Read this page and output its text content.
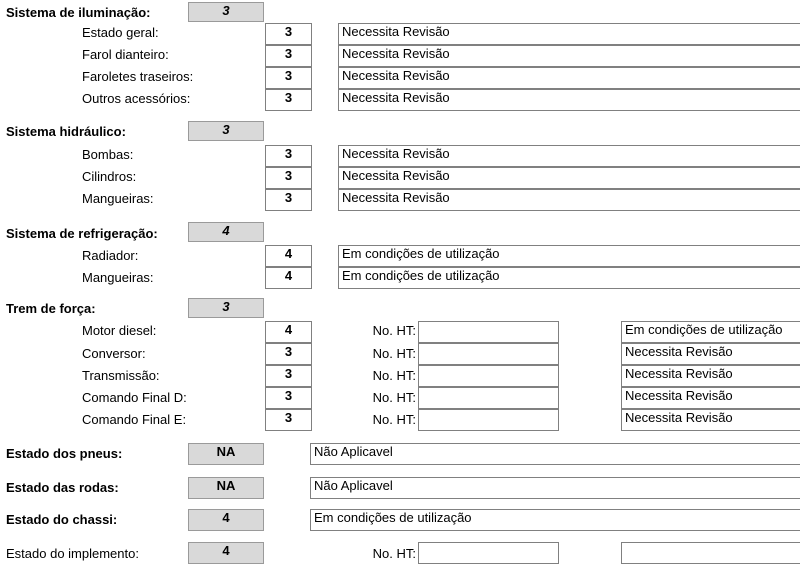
Sistema de iluminação:	3
Estado geral:	3	Necessita Revisão
Farol dianteiro:	3	Necessita Revisão
Faroletes traseiros:	3	Necessita Revisão
Outros acessórios:	3	Necessita Revisão
Sistema hidráulico:	3
Bombas:	3	Necessita Revisão
Cilindros:	3	Necessita Revisão
Mangueiras:	3	Necessita Revisão
Sistema de refrigeração:	4
Radiador:	4	Em condições de utilização
Mangueiras:	4	Em condições de utilização
Trem de força:	3
Motor diesel:	4	No. HT:	Em condições de utilização
Conversor:	3	No. HT:	Necessita Revisão
Transmissão:	3	No. HT:	Necessita Revisão
Comando Final D:	3	No. HT:	Necessita Revisão
Comando Final E:	3	No. HT:	Necessita Revisão
Estado dos pneus:	NA	Não Aplicavel
Estado das rodas:	NA	Não Aplicavel
Estado do chassi:	4	Em condições de utilização
Estado do implemento:	4	No. HT:
